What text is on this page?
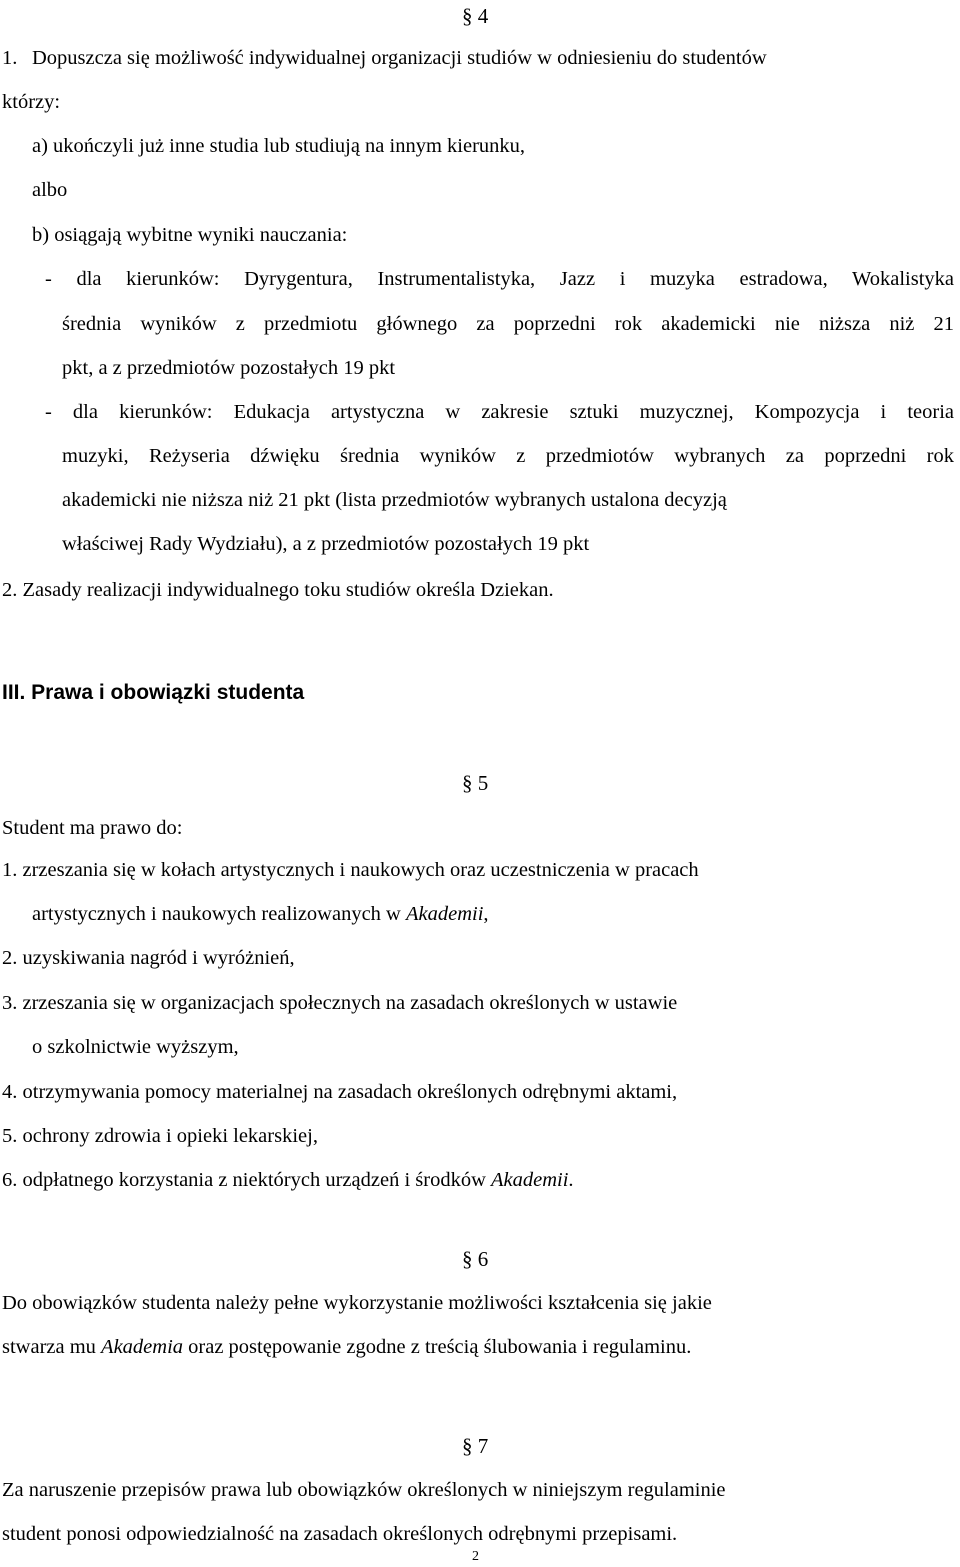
§ 4
1. Dopuszcza się możliwość indywidualnej organizacji studiów w odniesieniu do studentów
którzy:
a) ukończyli już inne studia lub studiują na innym kierunku,
albo
b) osiągają wybitne wyniki nauczania:
- dla kierunków: Dyrygentura, Instrumentalistyka, Jazz i muzyka estradowa, Wokalistyka
średnia wyników z przedmiotu głównego za poprzedni rok akademicki nie niższa niż 21
pkt, a z przedmiotów pozostałych 19 pkt
- dla kierunków: Edukacja artystyczna w zakresie sztuki muzycznej, Kompozycja i teoria
muzyki, Reżyseria dźwięku średnia wyników z przedmiotów wybranych za poprzedni rok
akademicki nie niższa niż 21 pkt (lista przedmiotów wybranych ustalona decyzją
właściwej Rady Wydziału), a z przedmiotów pozostałych 19 pkt
2. Zasady realizacji indywidualnego toku studiów określa Dziekan.
III. Prawa i obowiązki studenta
§ 5
Student ma prawo do:
1. zrzeszania się w kołach artystycznych i naukowych oraz uczestniczenia w pracach
artystycznych i naukowych realizowanych w Akademii,
2. uzyskiwania nagród i wyróżnień,
3. zrzeszania się w organizacjach społecznych na zasadach określonych w ustawie
o szkolnictwie wyższym,
4. otrzymywania pomocy materialnej na zasadach określonych odrębnymi aktami,
5. ochrony zdrowia i opieki lekarskiej,
6. odpłatnego korzystania z niektórych urządzeń i środków Akademii.
§ 6
Do obowiązków studenta należy pełne wykorzystanie możliwości kształcenia się jakie
stwarza mu Akademia oraz postępowanie zgodne z treścią ślubowania i regulaminu.
§ 7
Za naruszenie przepisów prawa lub obowiązków określonych w niniejszym regulaminie
student ponosi odpowiedzialność na zasadach określonych odrębnymi przepisami.
2
